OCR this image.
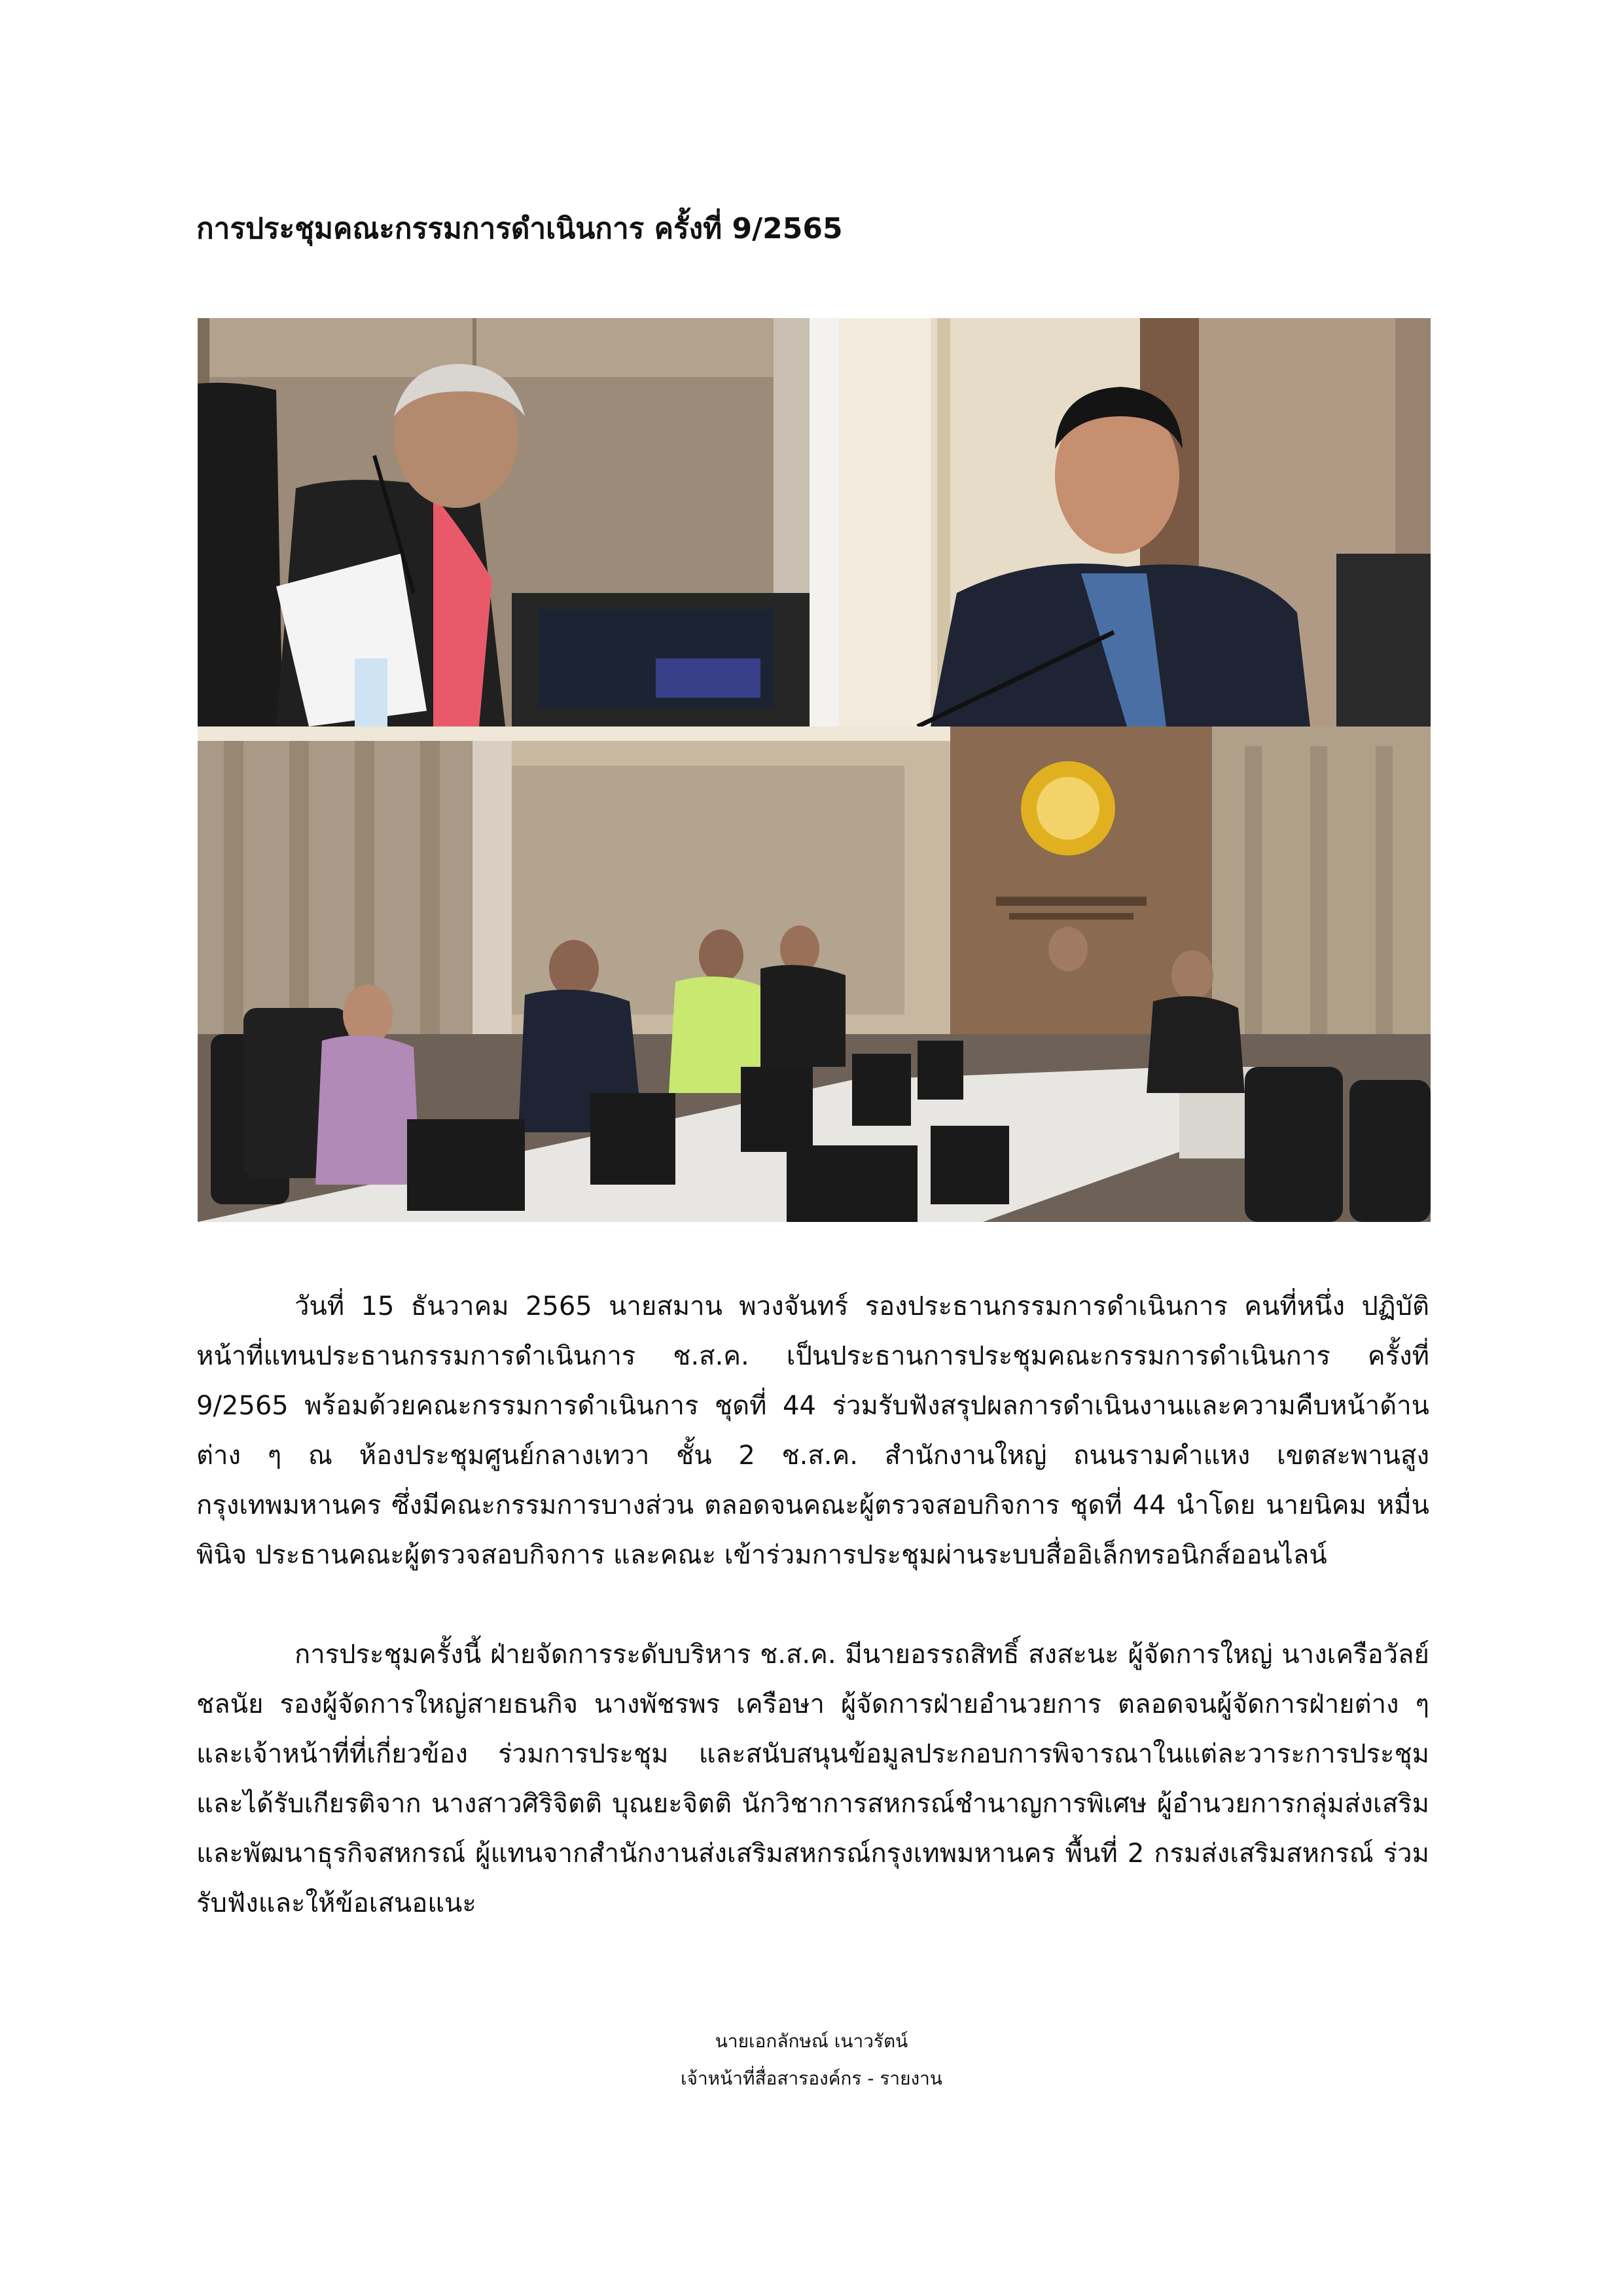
การประชุมคณะกรรมการดำเนินการ ครั้งที่ 9/2565
วันที่ 15 ธันวาคม 2565 นายสมาน พวงจันทร์ รองประธานกรรมการดำเนินการ คนที่หนึ่ง ปฏิบัติหน้าที่แทนประธานกรรมการดำเนินการ ช.ส.ค. เป็นประธานการประชุมคณะกรรมการดำเนินการ ครั้งที่ 9/2565 พร้อมด้วยคณะกรรมการดำเนินการ ชุดที่ 44 ร่วมรับฟังสรุปผลการดำเนินงานและความคืบหน้าด้านต่าง ๆ ณ ห้องประชุมศูนย์กลางเทวา ชั้น 2 ช.ส.ค. สำนักงานใหญ่ ถนนรามคำแหง เขตสะพานสูง กรุงเทพมหานคร ซึ่งมีคณะกรรมการบางส่วน ตลอดจนคณะผู้ตรวจสอบกิจการ ชุดที่ 44 นำโดย นายนิคม หมื่นพินิจ ประธานคณะผู้ตรวจสอบกิจการ และคณะ เข้าร่วมการประชุมผ่านระบบสื่ออิเล็กทรอนิกส์ออนไลน์
การประชุมครั้งนี้ ฝ่ายจัดการระดับบริหาร ช.ส.ค. มีนายอรรถสิทธิ์ สงสะนะ ผู้จัดการใหญ่ นางเครือวัลย์ ชลนัย รองผู้จัดการใหญ่สายธนกิจ นางพัชรพร เครือษา ผู้จัดการฝ่ายอำนวยการ ตลอดจนผู้จัดการฝ่ายต่าง ๆ และเจ้าหน้าที่ที่เกี่ยวข้อง ร่วมการประชุม และสนับสนุนข้อมูลประกอบการพิจารณาในแต่ละวาระการประชุม และได้รับเกียรติจาก นางสาวศิริจิตติ บุณยะจิตติ นักวิชาการสหกรณ์ชำนาญการพิเศษ ผู้อำนวยการกลุ่มส่งเสริมและพัฒนาธุรกิจสหกรณ์ ผู้แทนจากสำนักงานส่งเสริมสหกรณ์กรุงเทพมหานคร พื้นที่ 2 กรมส่งเสริมสหกรณ์ ร่วมรับฟังและให้ข้อเสนอแนะ
นายเอกลักษณ์ เนาวรัตน์
เจ้าหน้าที่สื่อสารองค์กร - รายงาน
